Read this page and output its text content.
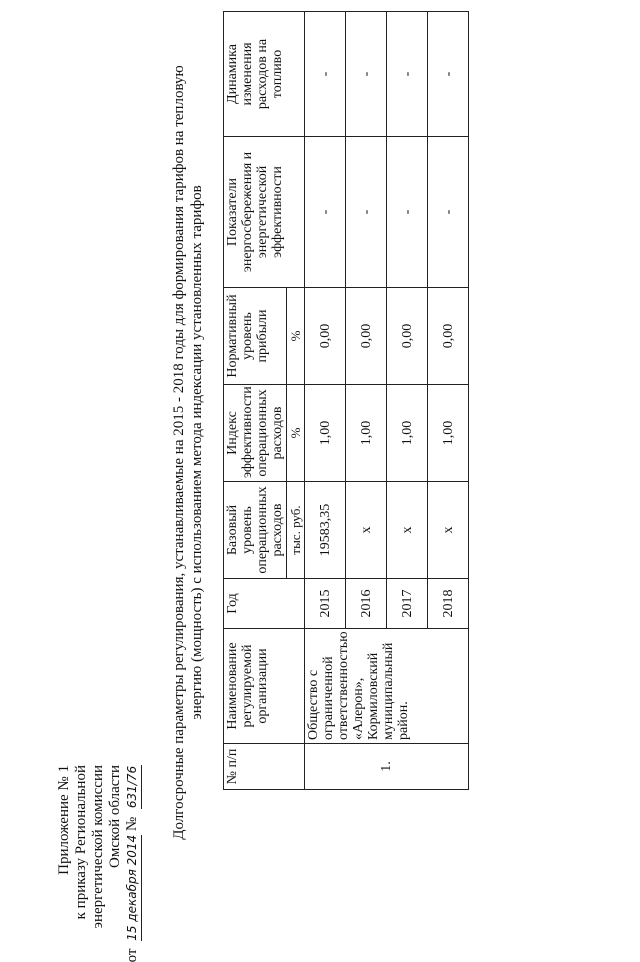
Приложение № 1 к приказу Региональной энергетической комиссии Омской области
от 15 декабря 2014 № 631/76 Долгосрочные параметры регулирования, устанавливаемые на 2015 - 2018 годы для формирования тарифов на тепловую энергию (мощность) с использованием метода индексации установленных тарифов
№ п/п	Наименование регулируемой организации	Год	Базовый уровень операционных расходов	Индекс эффективности операционных расходов	Нормативный уровень прибыли	Показатели энергосбережения и энергетической эффективности	Динамика изменения расходов на топливо
			тыс. руб.	%	%		
1.	Общество с ограниченной ответственностью «Алерон», Кормиловский муниципальный район.	2015	19583,35	1,00	0,00	-	-
		2016	x	1,00	0,00	-	-
		2017	x	1,00	0,00	-	-
		2018	x	1,00	0,00	-	-
